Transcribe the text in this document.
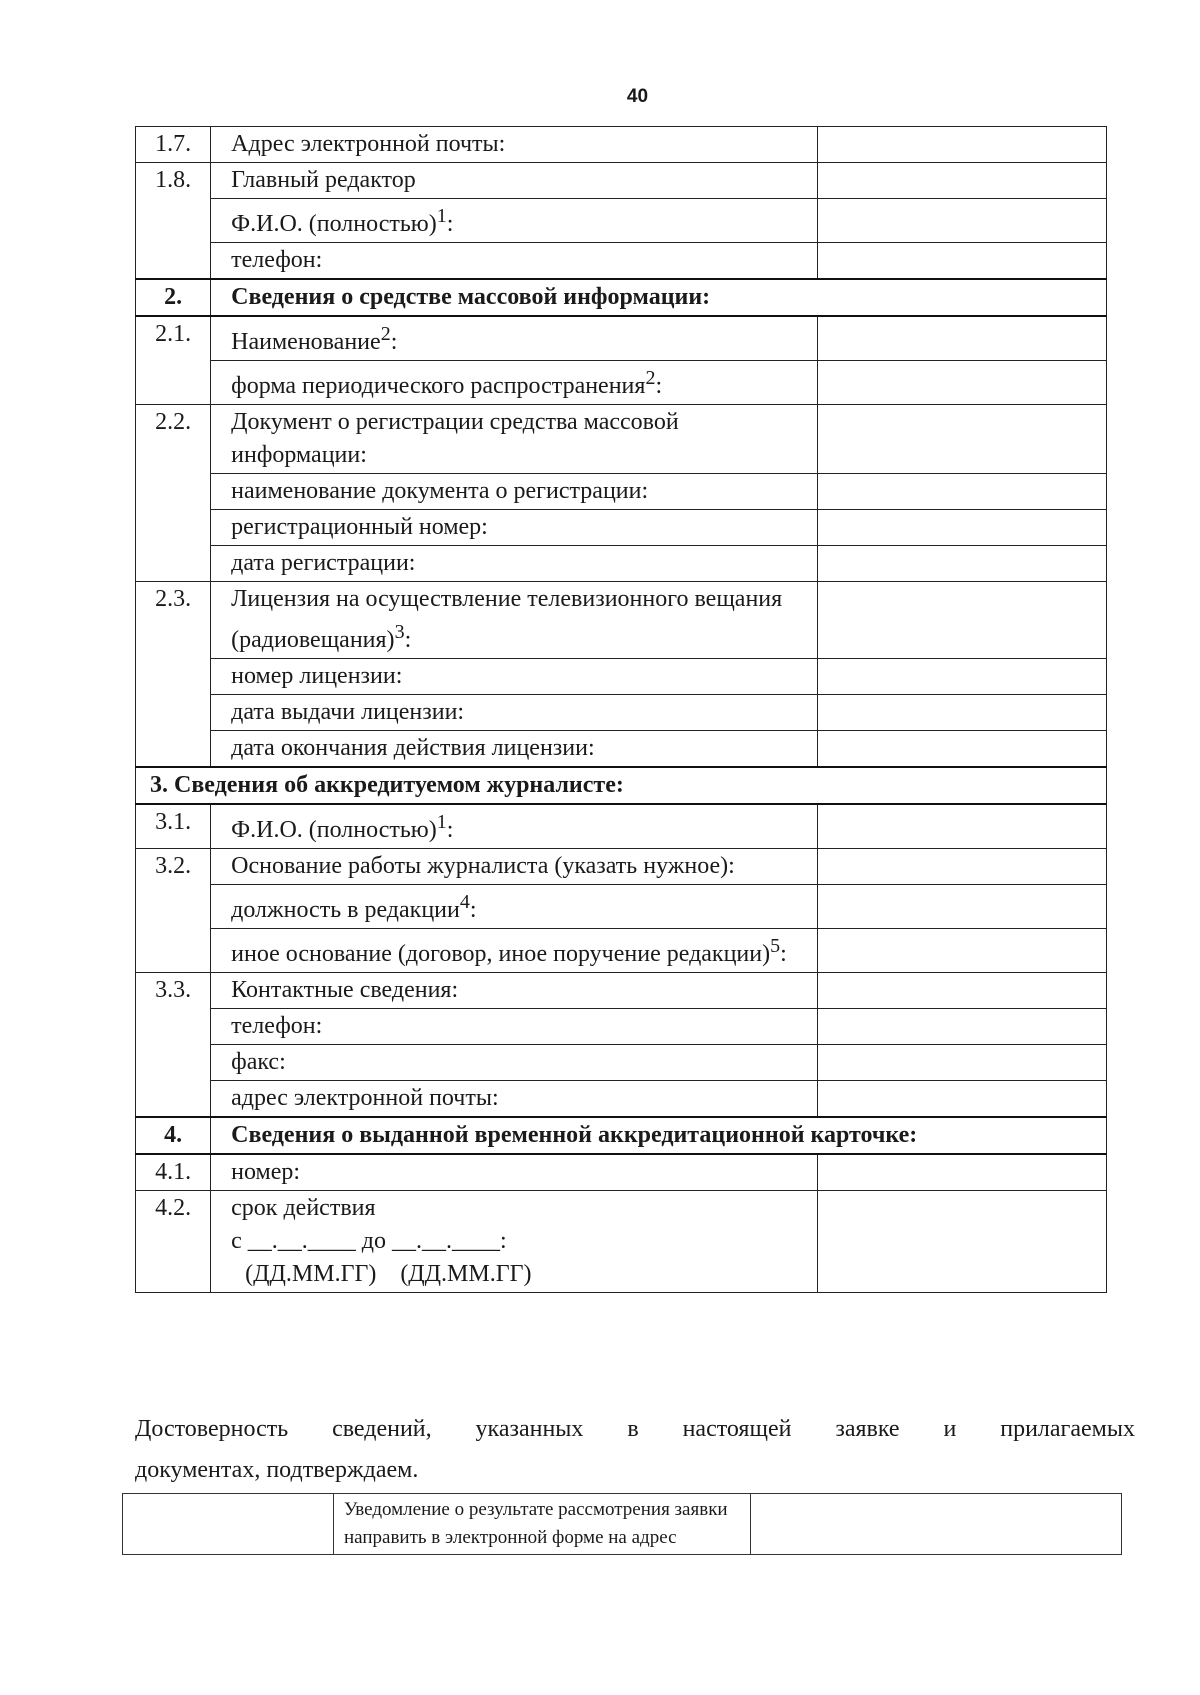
40
1.7.	Адрес электронной почты:	
1.8.	Главный редактор	
	Ф.И.О. (полностью)$^1$:	
	телефон:	
2.	Сведения о средстве массовой информации:	
2.1.	Наименование$^2$:	
	форма периодического распространения$^2$:	
2.2.	Документ о регистрации средства массовой информации:	
	наименование документа о регистрации:	
	регистрационный номер:	
	дата регистрации:	
2.3.	Лицензия на осуществление телевизионного вещания (радиовещания)$^3$:	
	номер лицензии:	
	дата выдачи лицензии:	
	дата окончания действия лицензии:	
3. Сведения об аккредитуемом журналисте:		
3.1.	Ф.И.О. (полностью)$^1$:	
3.2.	Основание работы журналиста (указать нужное):	
	должность в редакции$^4$:	
	иное основание (договор, иное поручение редакции)$^5$:	
3.3.	Контактные сведения:	
	телефон:	
	факс:	
	адрес электронной почты:	
4.	Сведения о выданной временной аккредитационной карточке:	
4.1.	номер:	
4.2.	срок действия
с __.__.____ до __.__.____:
(ДД.ММ.ГГ)    (ДД.ММ.ГГ)	

Достоверность сведений, указанных в настоящей заявке и прилагаемых
документах, подтверждаем.
	Уведомление о результате рассмотрения заявки направить в электронной форме на адрес	
